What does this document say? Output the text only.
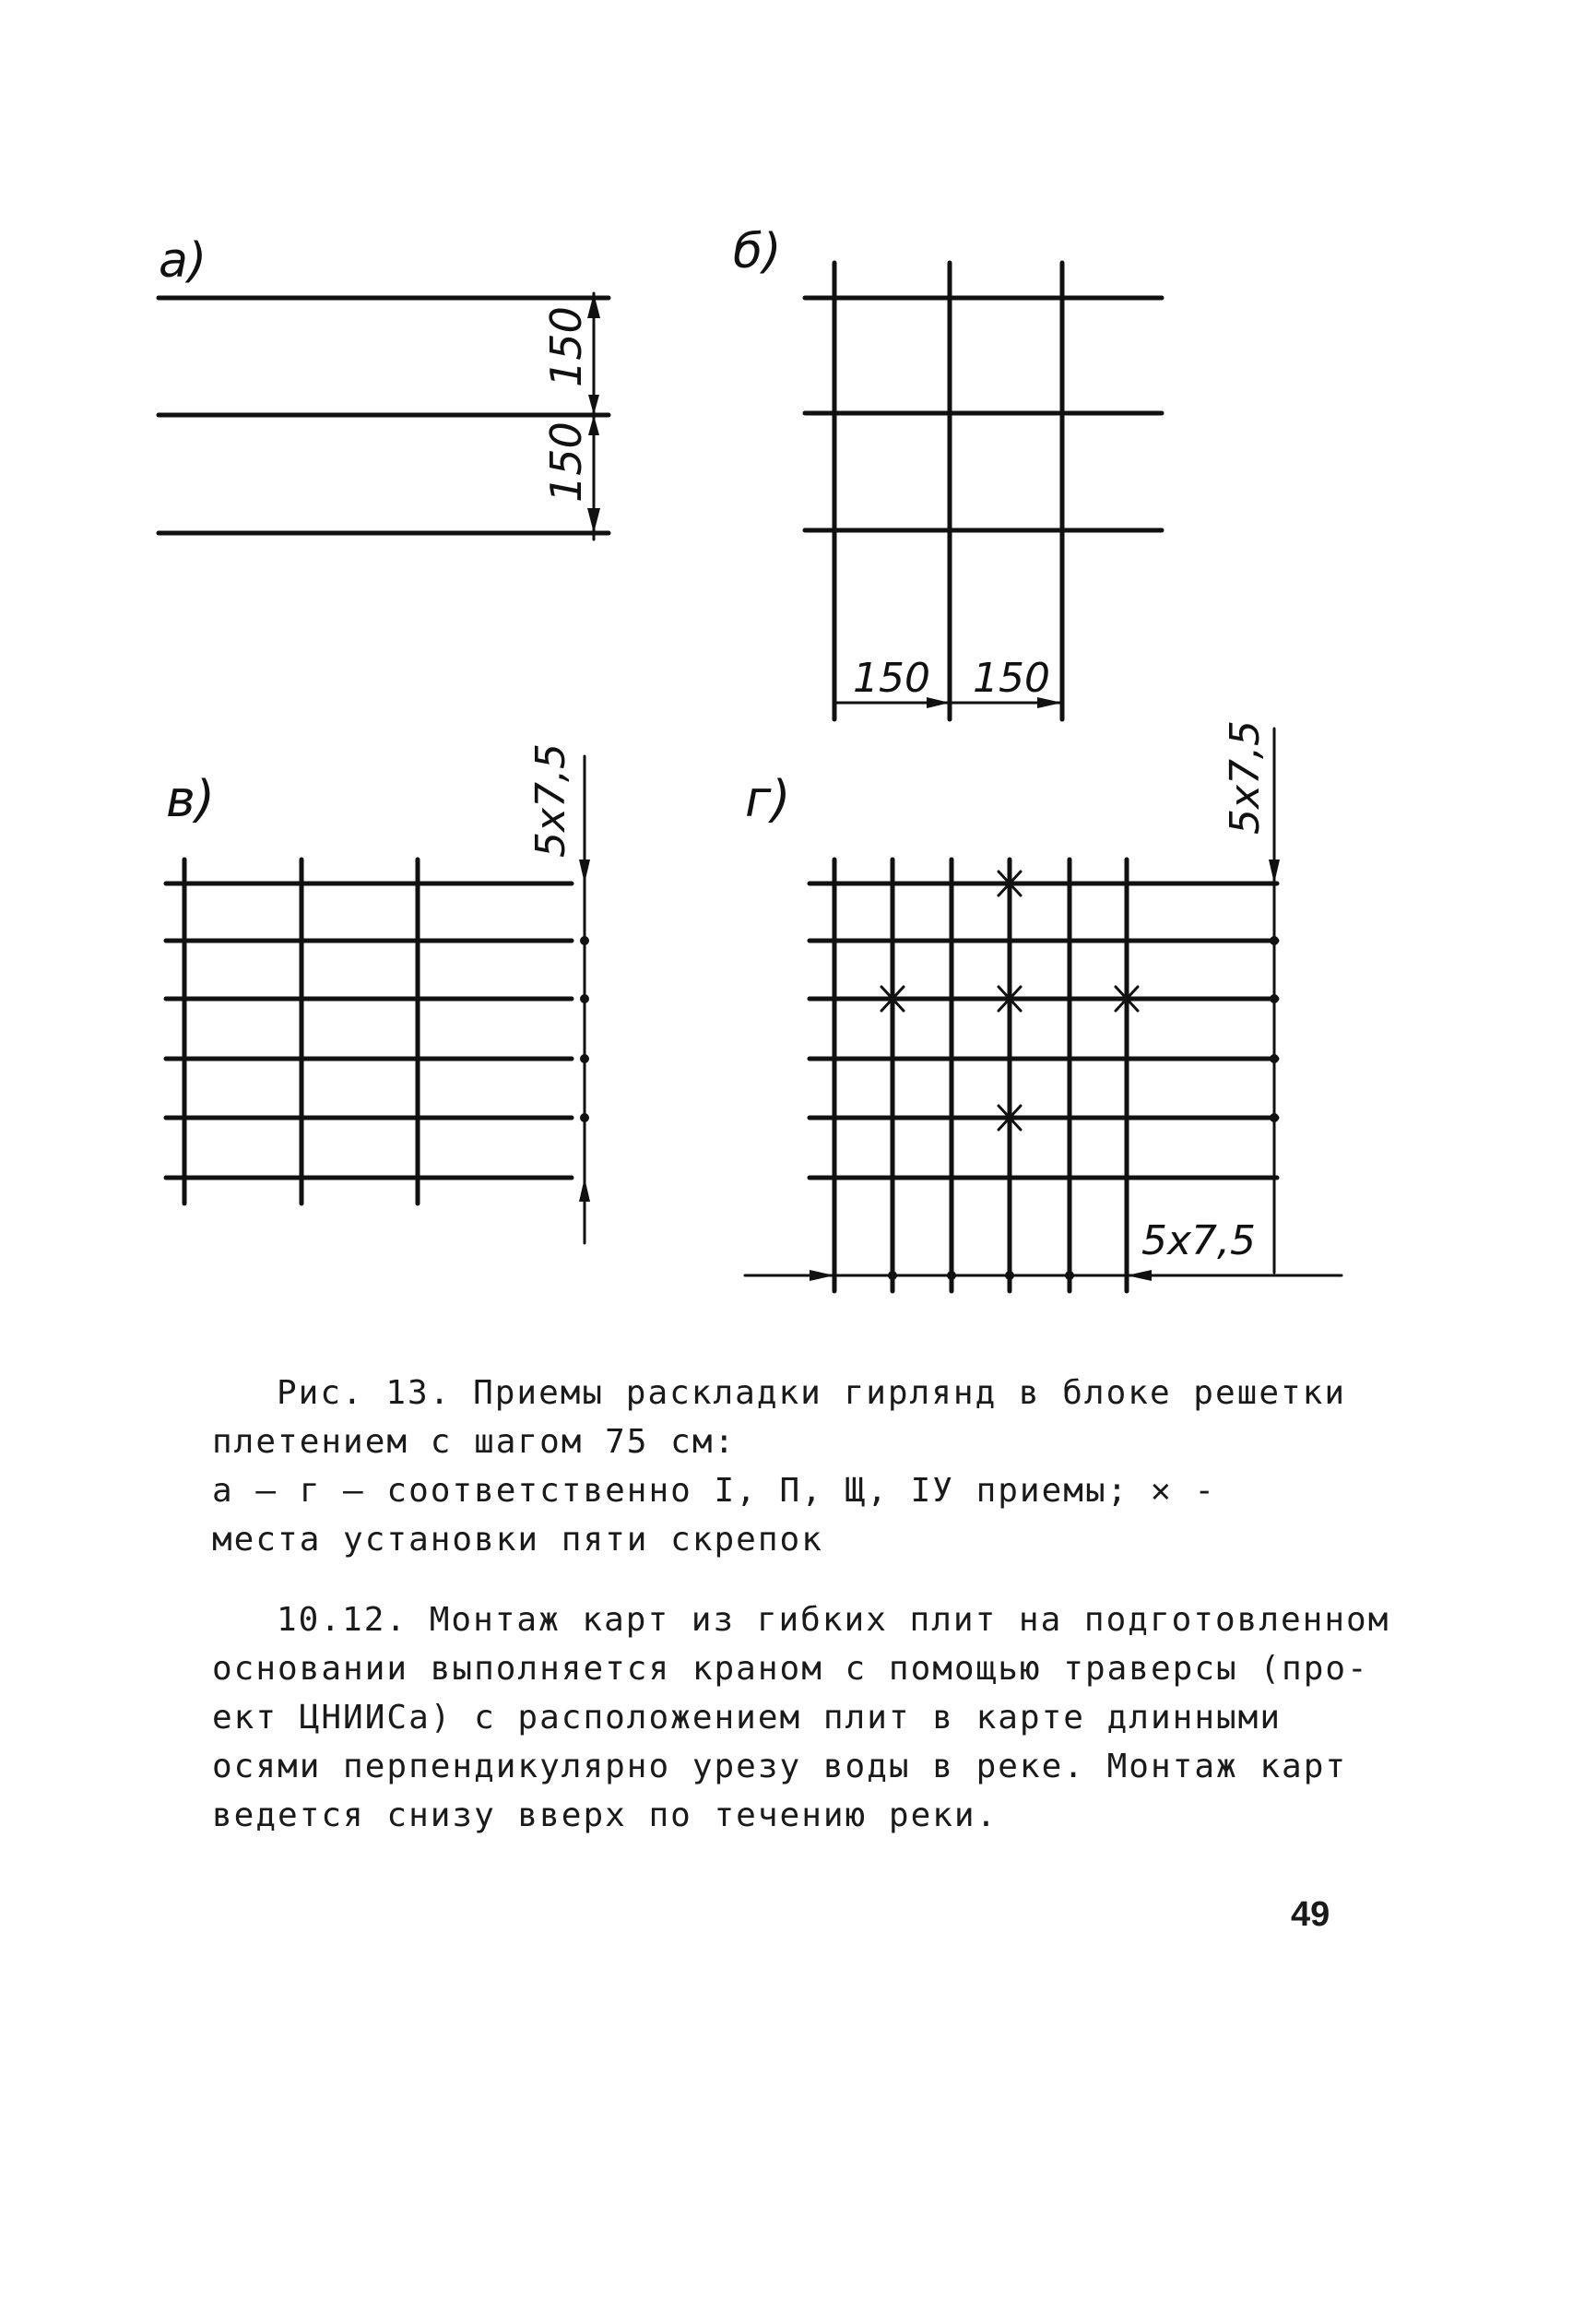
а)
150
150
б)
150 150
в)	5x7,5	г)	5x7,5
5x7,5
Рис. 13. Приемы раскладки гирлянд в блоке решетки
плетением с шагом 75 см:
а – г – соответственно I, П, Щ, IУ приемы; ✕ -
места установки пяти скрепок
10.12. Монтаж карт из гибких плит на подготовленном
основании выполняется краном с помощью траверсы (про-
ект ЦНИИСа) с расположением плит в карте длинными
осями перпендикулярно урезу воды в реке. Монтаж карт
ведется снизу вверх по течению реки.
49
